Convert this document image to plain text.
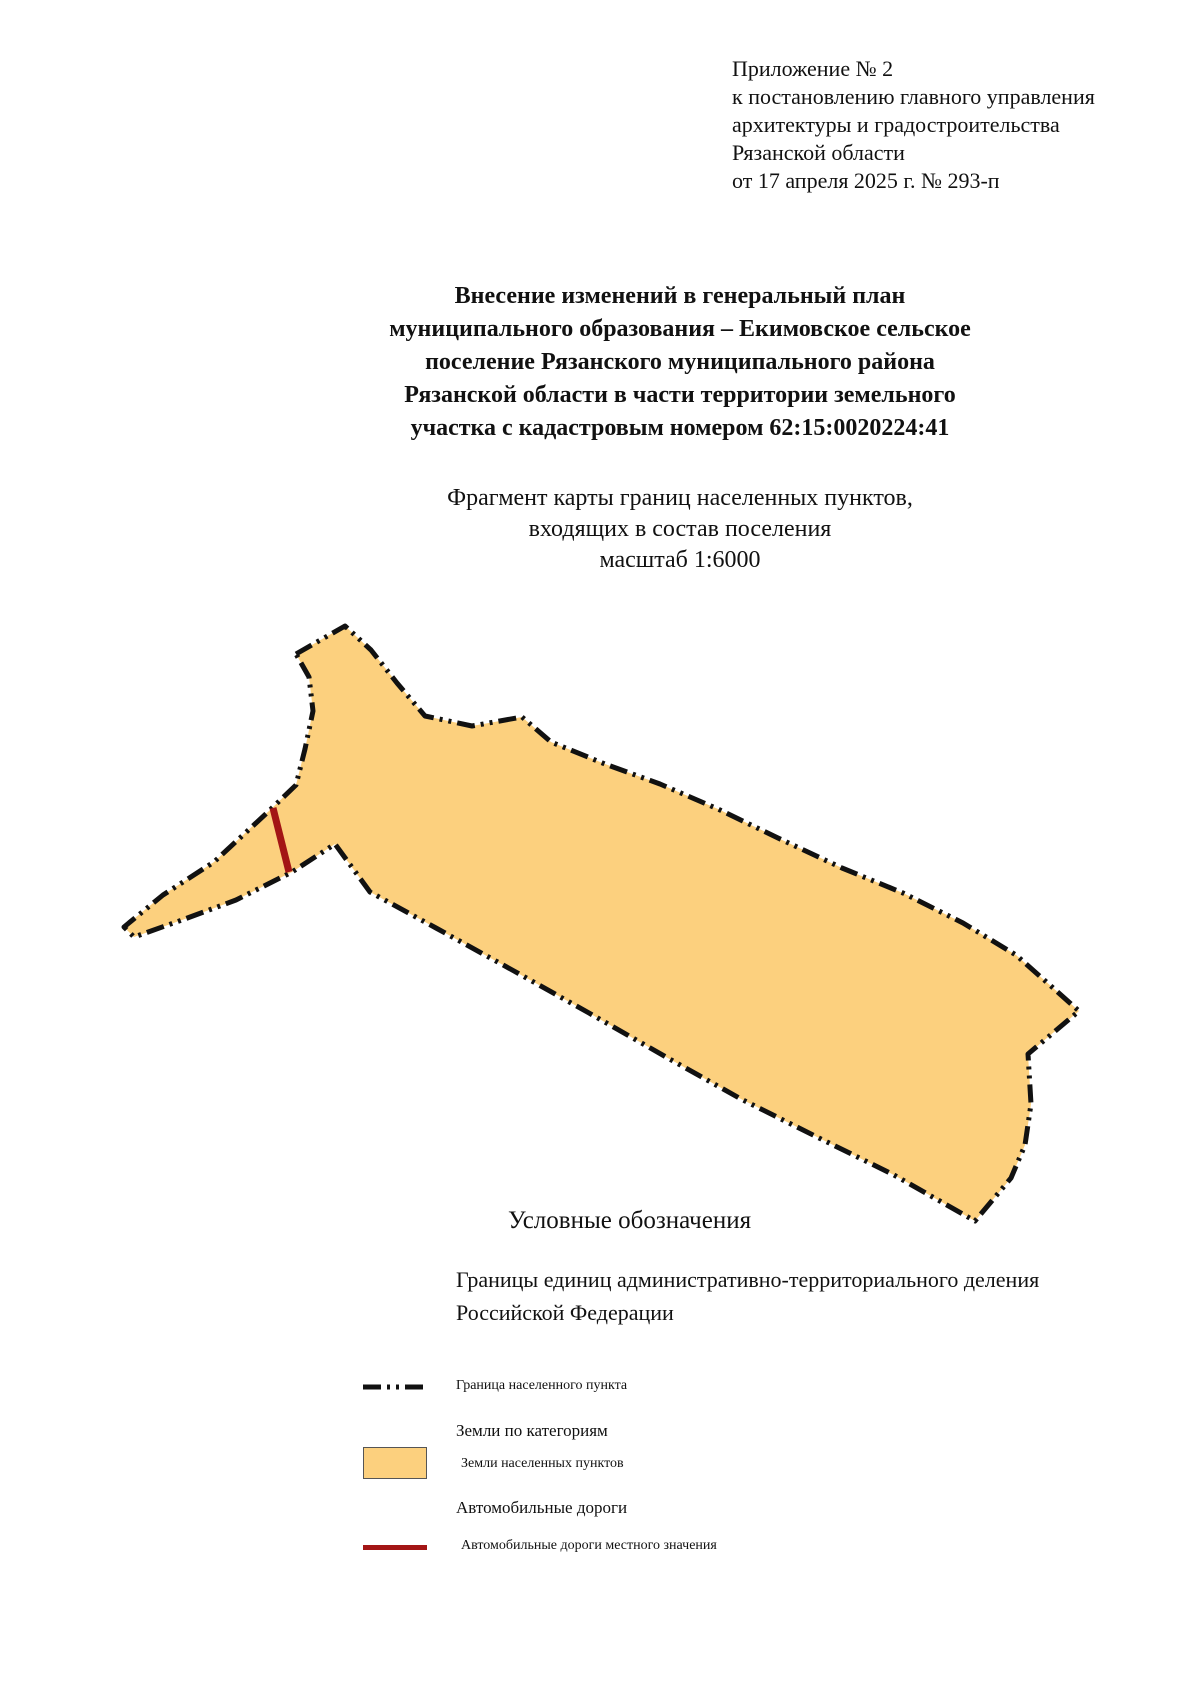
Приложение № 2
к постановлению главного управления
архитектуры и градостроительства
Рязанской области
от 17 апреля 2025 г. № 293-п
Внесение изменений в генеральный план
муниципального образования – Екимовское сельское
поселение Рязанского муниципального района
Рязанской области в части территории земельного
участка с кадастровым номером 62:15:0020224:41
Фрагмент карты границ населенных пунктов,
входящих в состав поселения
масштаб 1:6000
Условные обозначения
Границы единиц административно-территориального деления
Российской Федерации
Граница населенного пункта
Земли по категориям
Земли населенных пунктов
Автомобильные дороги
Автомобильные дороги местного значения
